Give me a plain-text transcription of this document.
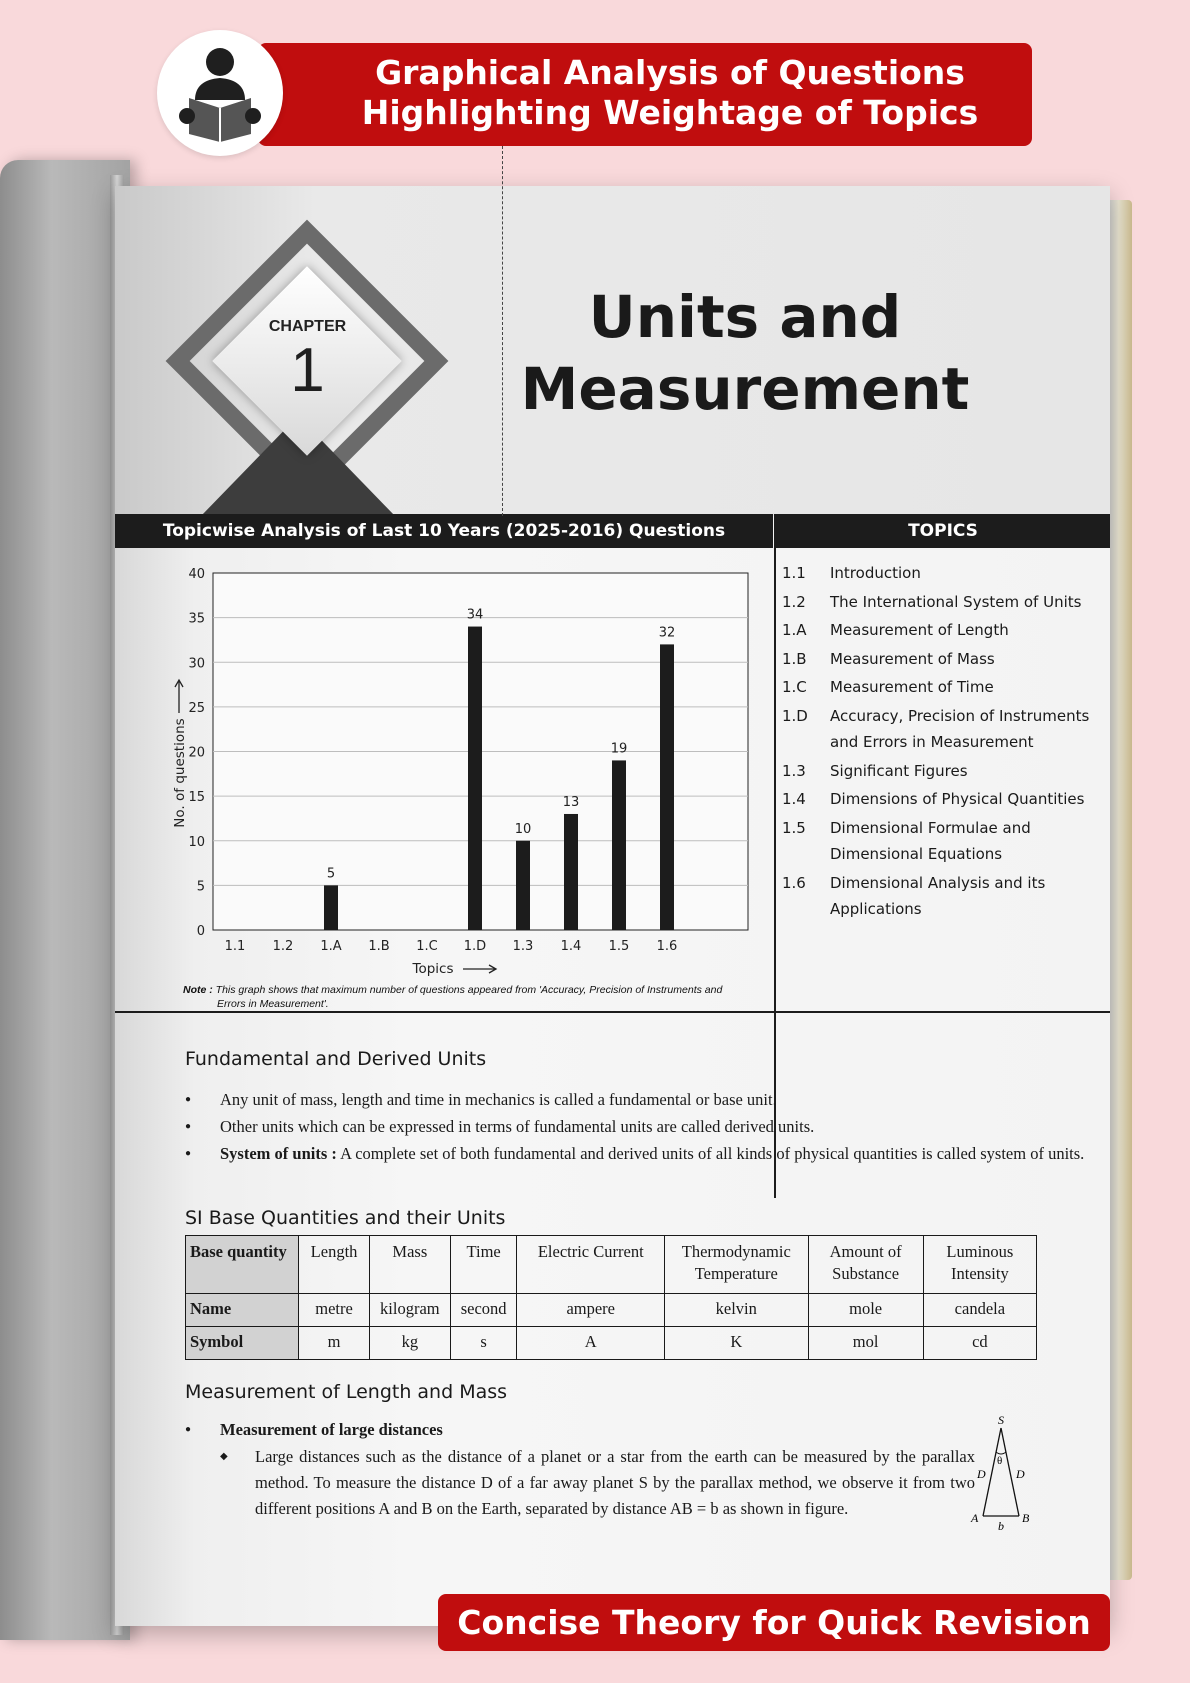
CHAPTER
1
Units and
Measurement
Topicwise Analysis of Last 10 Years (2025-2016) Questions	TOPICS
0
5
10
15
20
25
30
35
40
1.1 1.2
5
1.A 1.B 1.C
34
1.D
10
1.3
13
1.4
19
1.5
32
1.6
Topics
No. of questions
Note : This graph shows that maximum number of questions appeared from 'Accuracy, Precision of Instruments and
Errors in Measurement'.
1.1	Introduction
1.2	The International System of Units
1.A	Measurement of Length
1.B	Measurement of Mass
1.C	Measurement of Time
1.D	Accuracy, Precision of Instruments and Errors in Measurement
1.3	Significant Figures
1.4	Dimensions of Physical Quantities
1.5	Dimensional Formulae and Dimensional Equations
1.6	Dimensional Analysis and its Applications
Fundamental and Derived Units
● Any unit of mass, length and time in mechanics is called a fundamental or base unit.
● Other units which can be expressed in terms of fundamental units are called derived units.
● System of units : A complete set of both fundamental and derived units of all kinds of physical quantities is called system of units.
SI Base Quantities and their Units
Base quantity	Length	Mass	Time	Electric Current	Thermodynamic Temperature	Amount of Substance	Luminous Intensity
Name	metre	kilogram	second	ampere	kelvin	mole	candela
Symbol	m	kg	s	A	K	mol	cd
Measurement of Length and Mass
● Measurement of large distances
◆ Large distances such as the distance of a planet or a star from the earth can be measured by the parallax method. To measure the distance D of a far away planet S by the parallax method, we observe it from two different positions A and B on the Earth, separated by distance AB = b as shown in figure.
S
θ
D	D
A	B
b
Graphical Analysis of Questions
Highlighting Weightage of Topics
Concise Theory for Quick Revision
